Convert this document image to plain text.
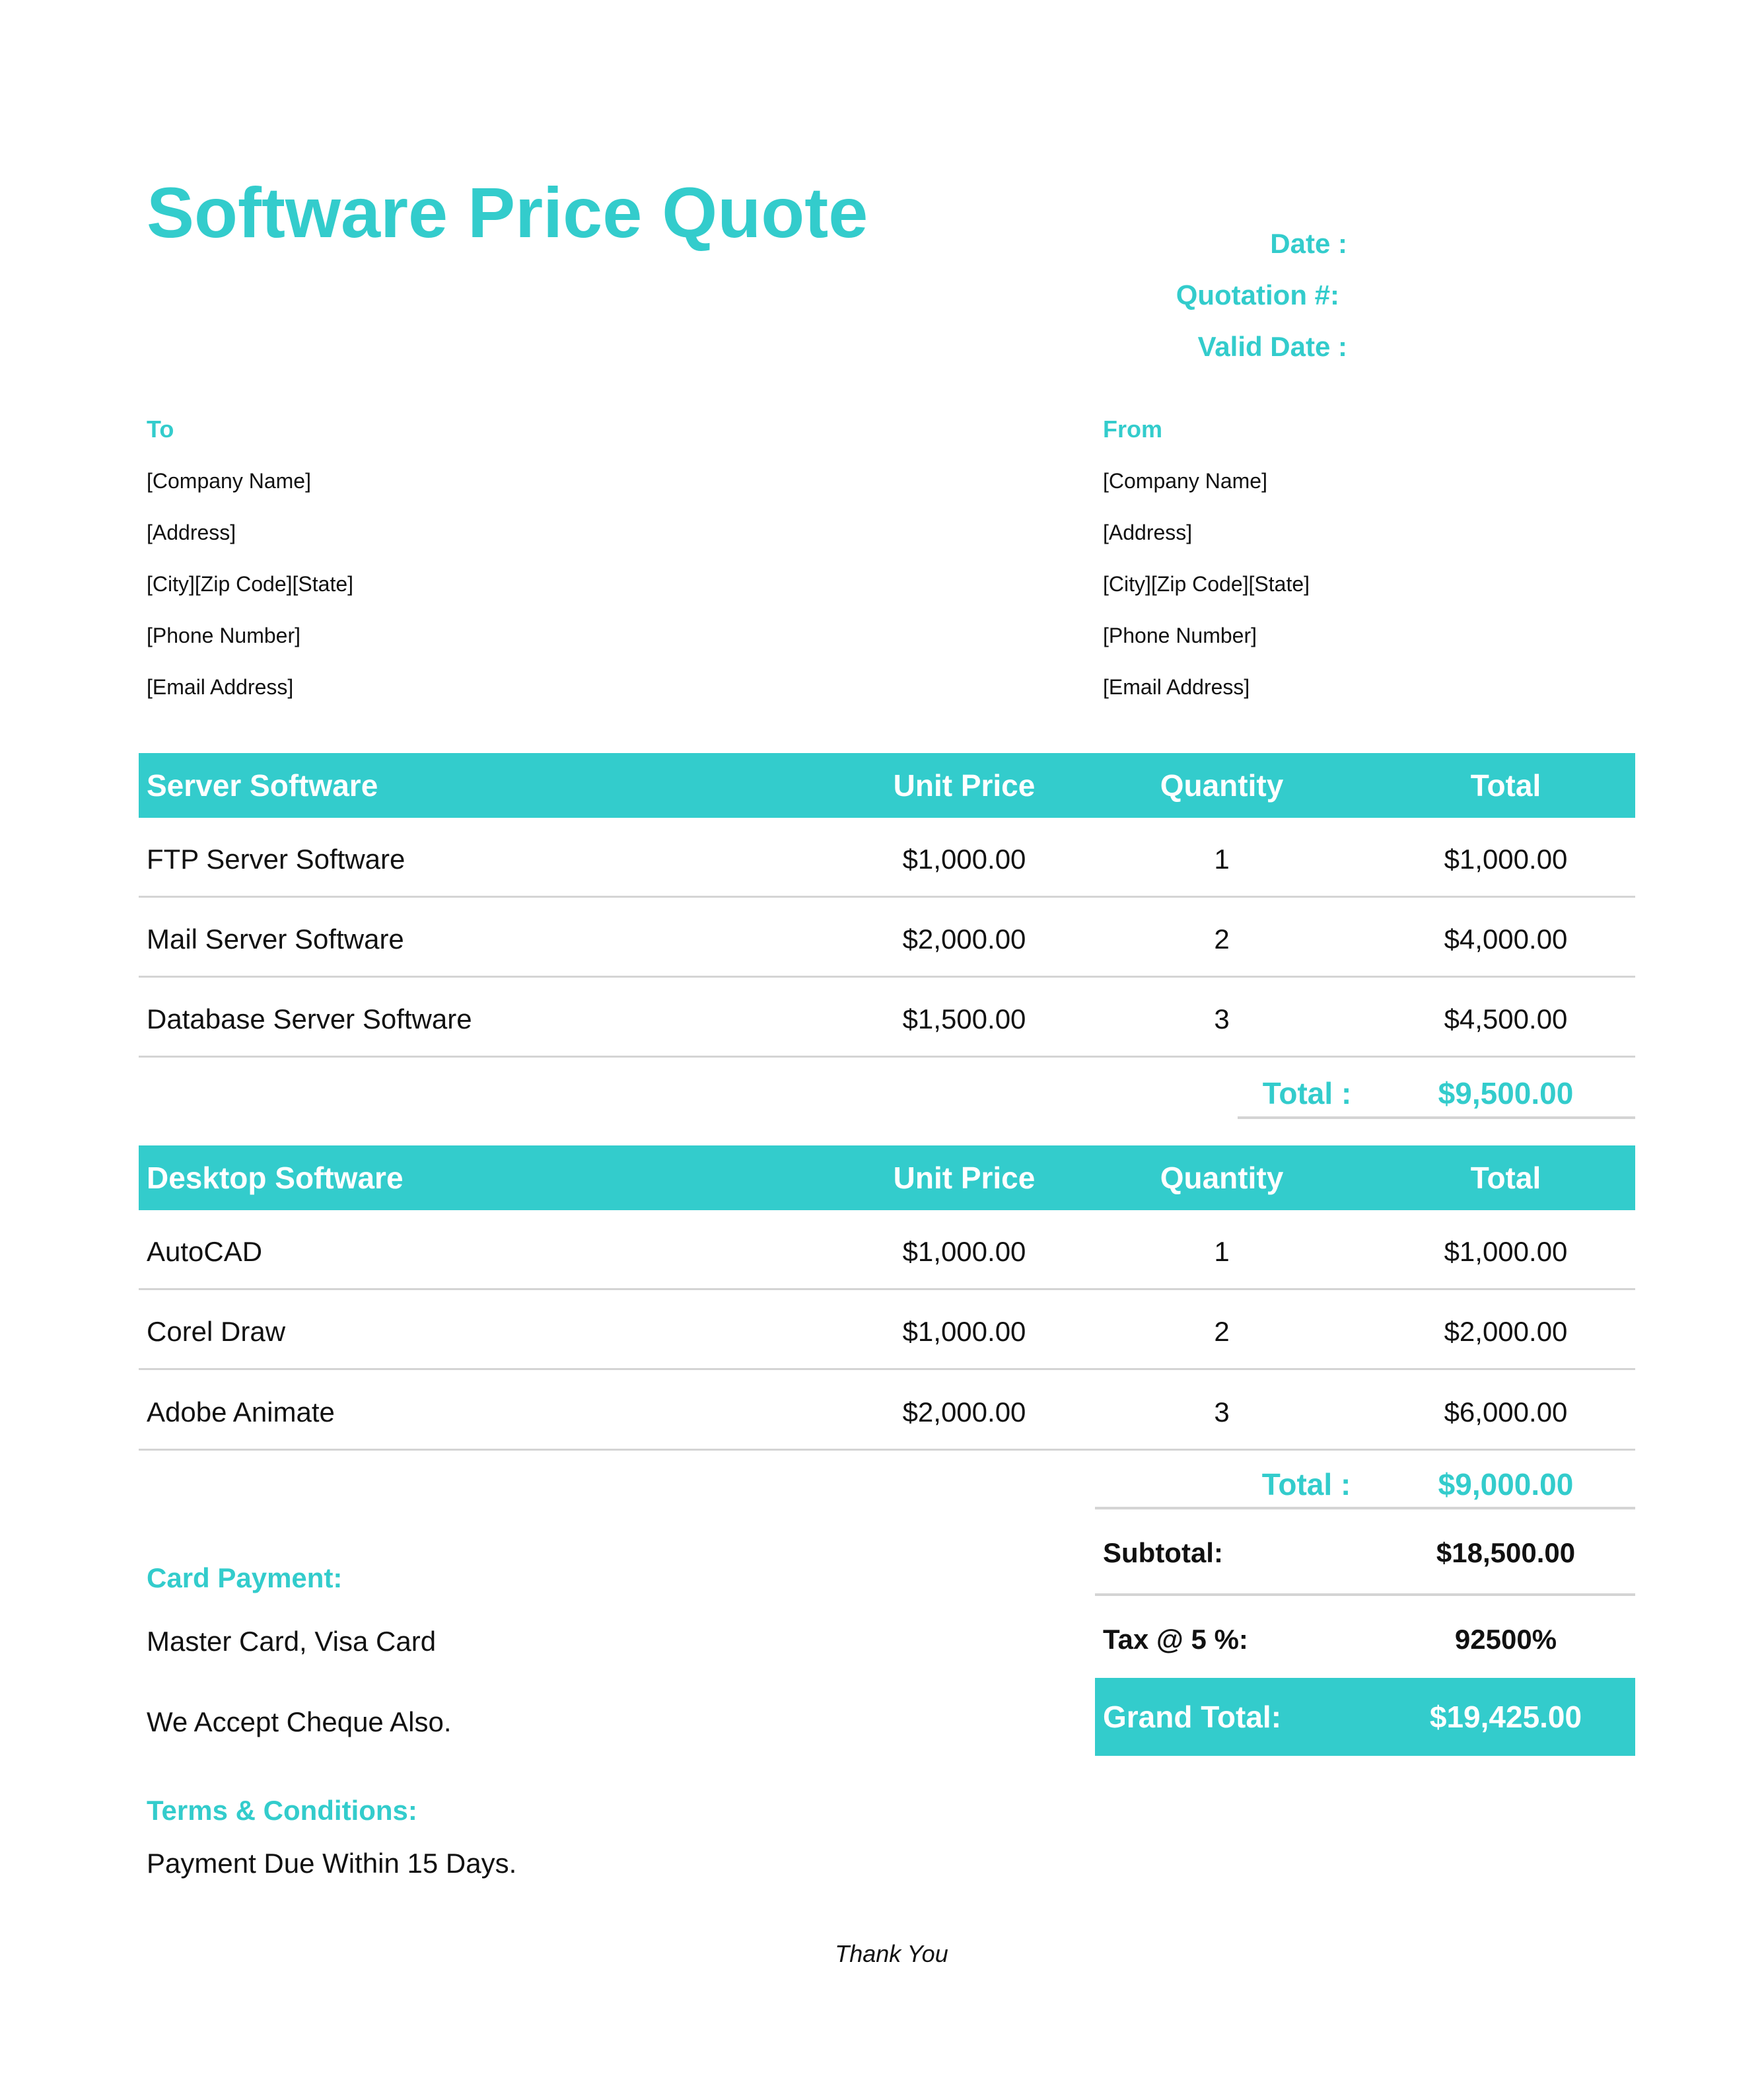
Software Price Quote	Date :
Quotation #:
Valid Date :
To
[Company Name]
[Address]
[City][Zip Code][State]
[Phone Number]
[Email Address]
From
[Company Name]
[Address]
[City][Zip Code][State]
[Phone Number]
[Email Address]
Server Software	Unit Price	Quantity	Total
FTP Server Software	$1,000.00	1	$1,000.00
Mail Server Software	$2,000.00	2	$4,000.00
Database Server Software	$1,500.00	3	$4,500.00
Total :	$9,500.00
Desktop Software	Unit Price	Quantity	Total
AutoCAD	$1,000.00	1	$1,000.00
Corel Draw	$1,000.00	2	$2,000.00
Adobe Animate	$2,000.00	3	$6,000.00
Total :	$9,000.00
Subtotal:	$18,500.00
Tax @ 5 %:	92500%
Grand Total:	$19,425.00
Card Payment:
Master Card, Visa Card
We Accept Cheque Also.
Terms & Conditions:
Payment Due Within 15 Days.
Thank You
